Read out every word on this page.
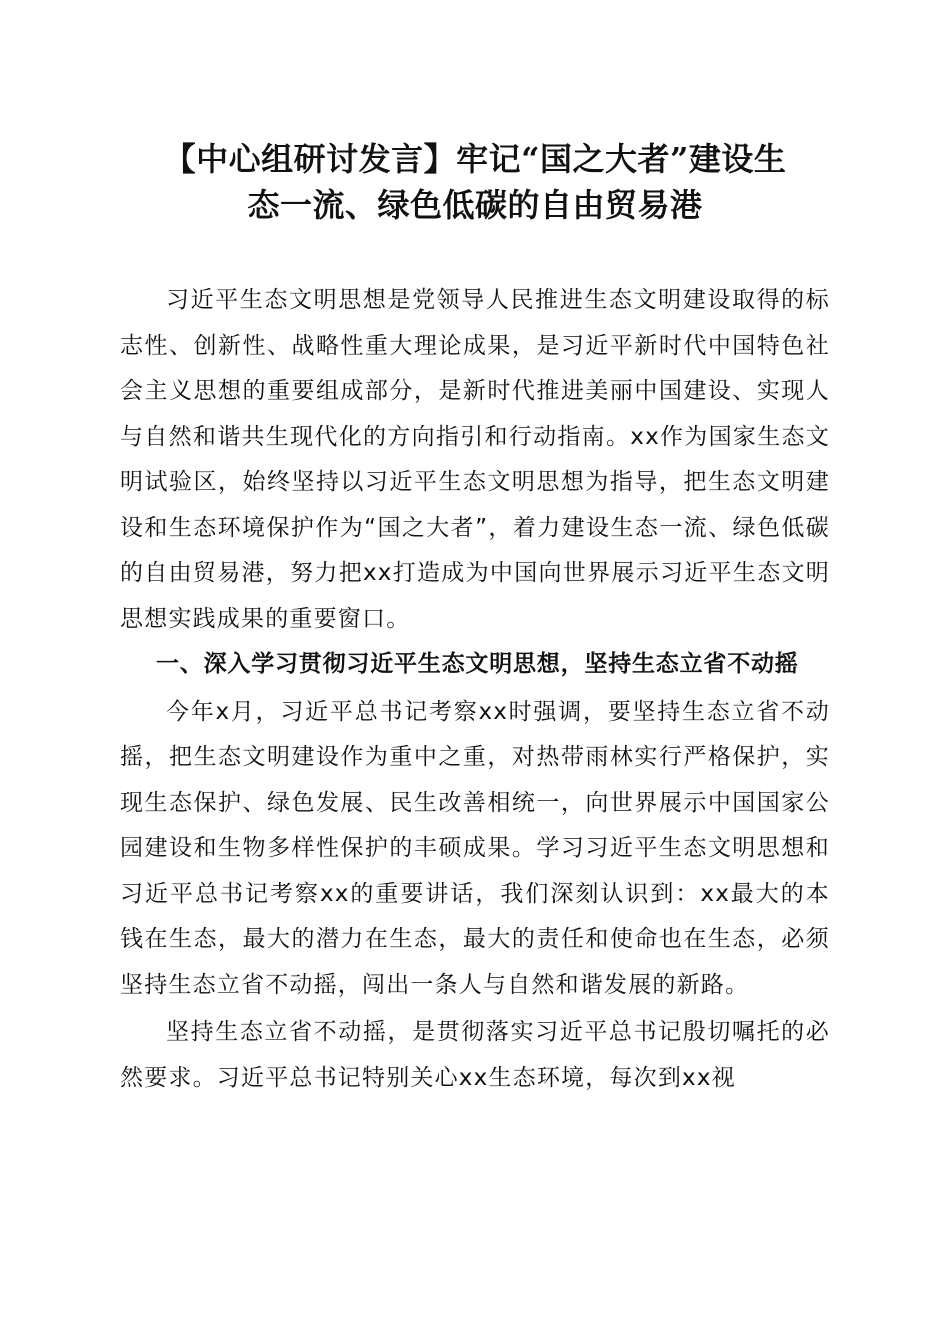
【中心组研讨发言】牢记“国之大者”建设生
态一流、绿色低碳的自由贸易港

习近平生态文明思想是党领导人民推进生态文明建设取得的标志性、创新性、战略性重大理论成果，是习近平新时代中国特色社会主义思想的重要组成部分，是新时代推进美丽中国建设、实现人与自然和谐共生现代化的方向指引和行动指南。xx作为国家生态文明试验区，始终坚持以习近平生态文明思想为指导，把生态文明建设和生态环境保护作为“国之大者”，着力建设生态一流、绿色低碳的自由贸易港，努力把xx打造成为中国向世界展示习近平生态文明思想实践成果的重要窗口。

一、深入学习贯彻习近平生态文明思想，坚持生态立省不动摇

今年x月，习近平总书记考察xx时强调，要坚持生态立省不动摇，把生态文明建设作为重中之重，对热带雨林实行严格保护，实现生态保护、绿色发展、民生改善相统一，向世界展示中国国家公园建设和生物多样性保护的丰硕成果。学习习近平生态文明思想和习近平总书记考察xx的重要讲话，我们深刻认识到：xx最大的本钱在生态，最大的潜力在生态，最大的责任和使命也在生态，必须坚持生态立省不动摇，闯出一条人与自然和谐发展的新路。

坚持生态立省不动摇，是贯彻落实习近平总书记殷切嘱托的必然要求。习近平总书记特别关心xx生态环境，每次到xx视
